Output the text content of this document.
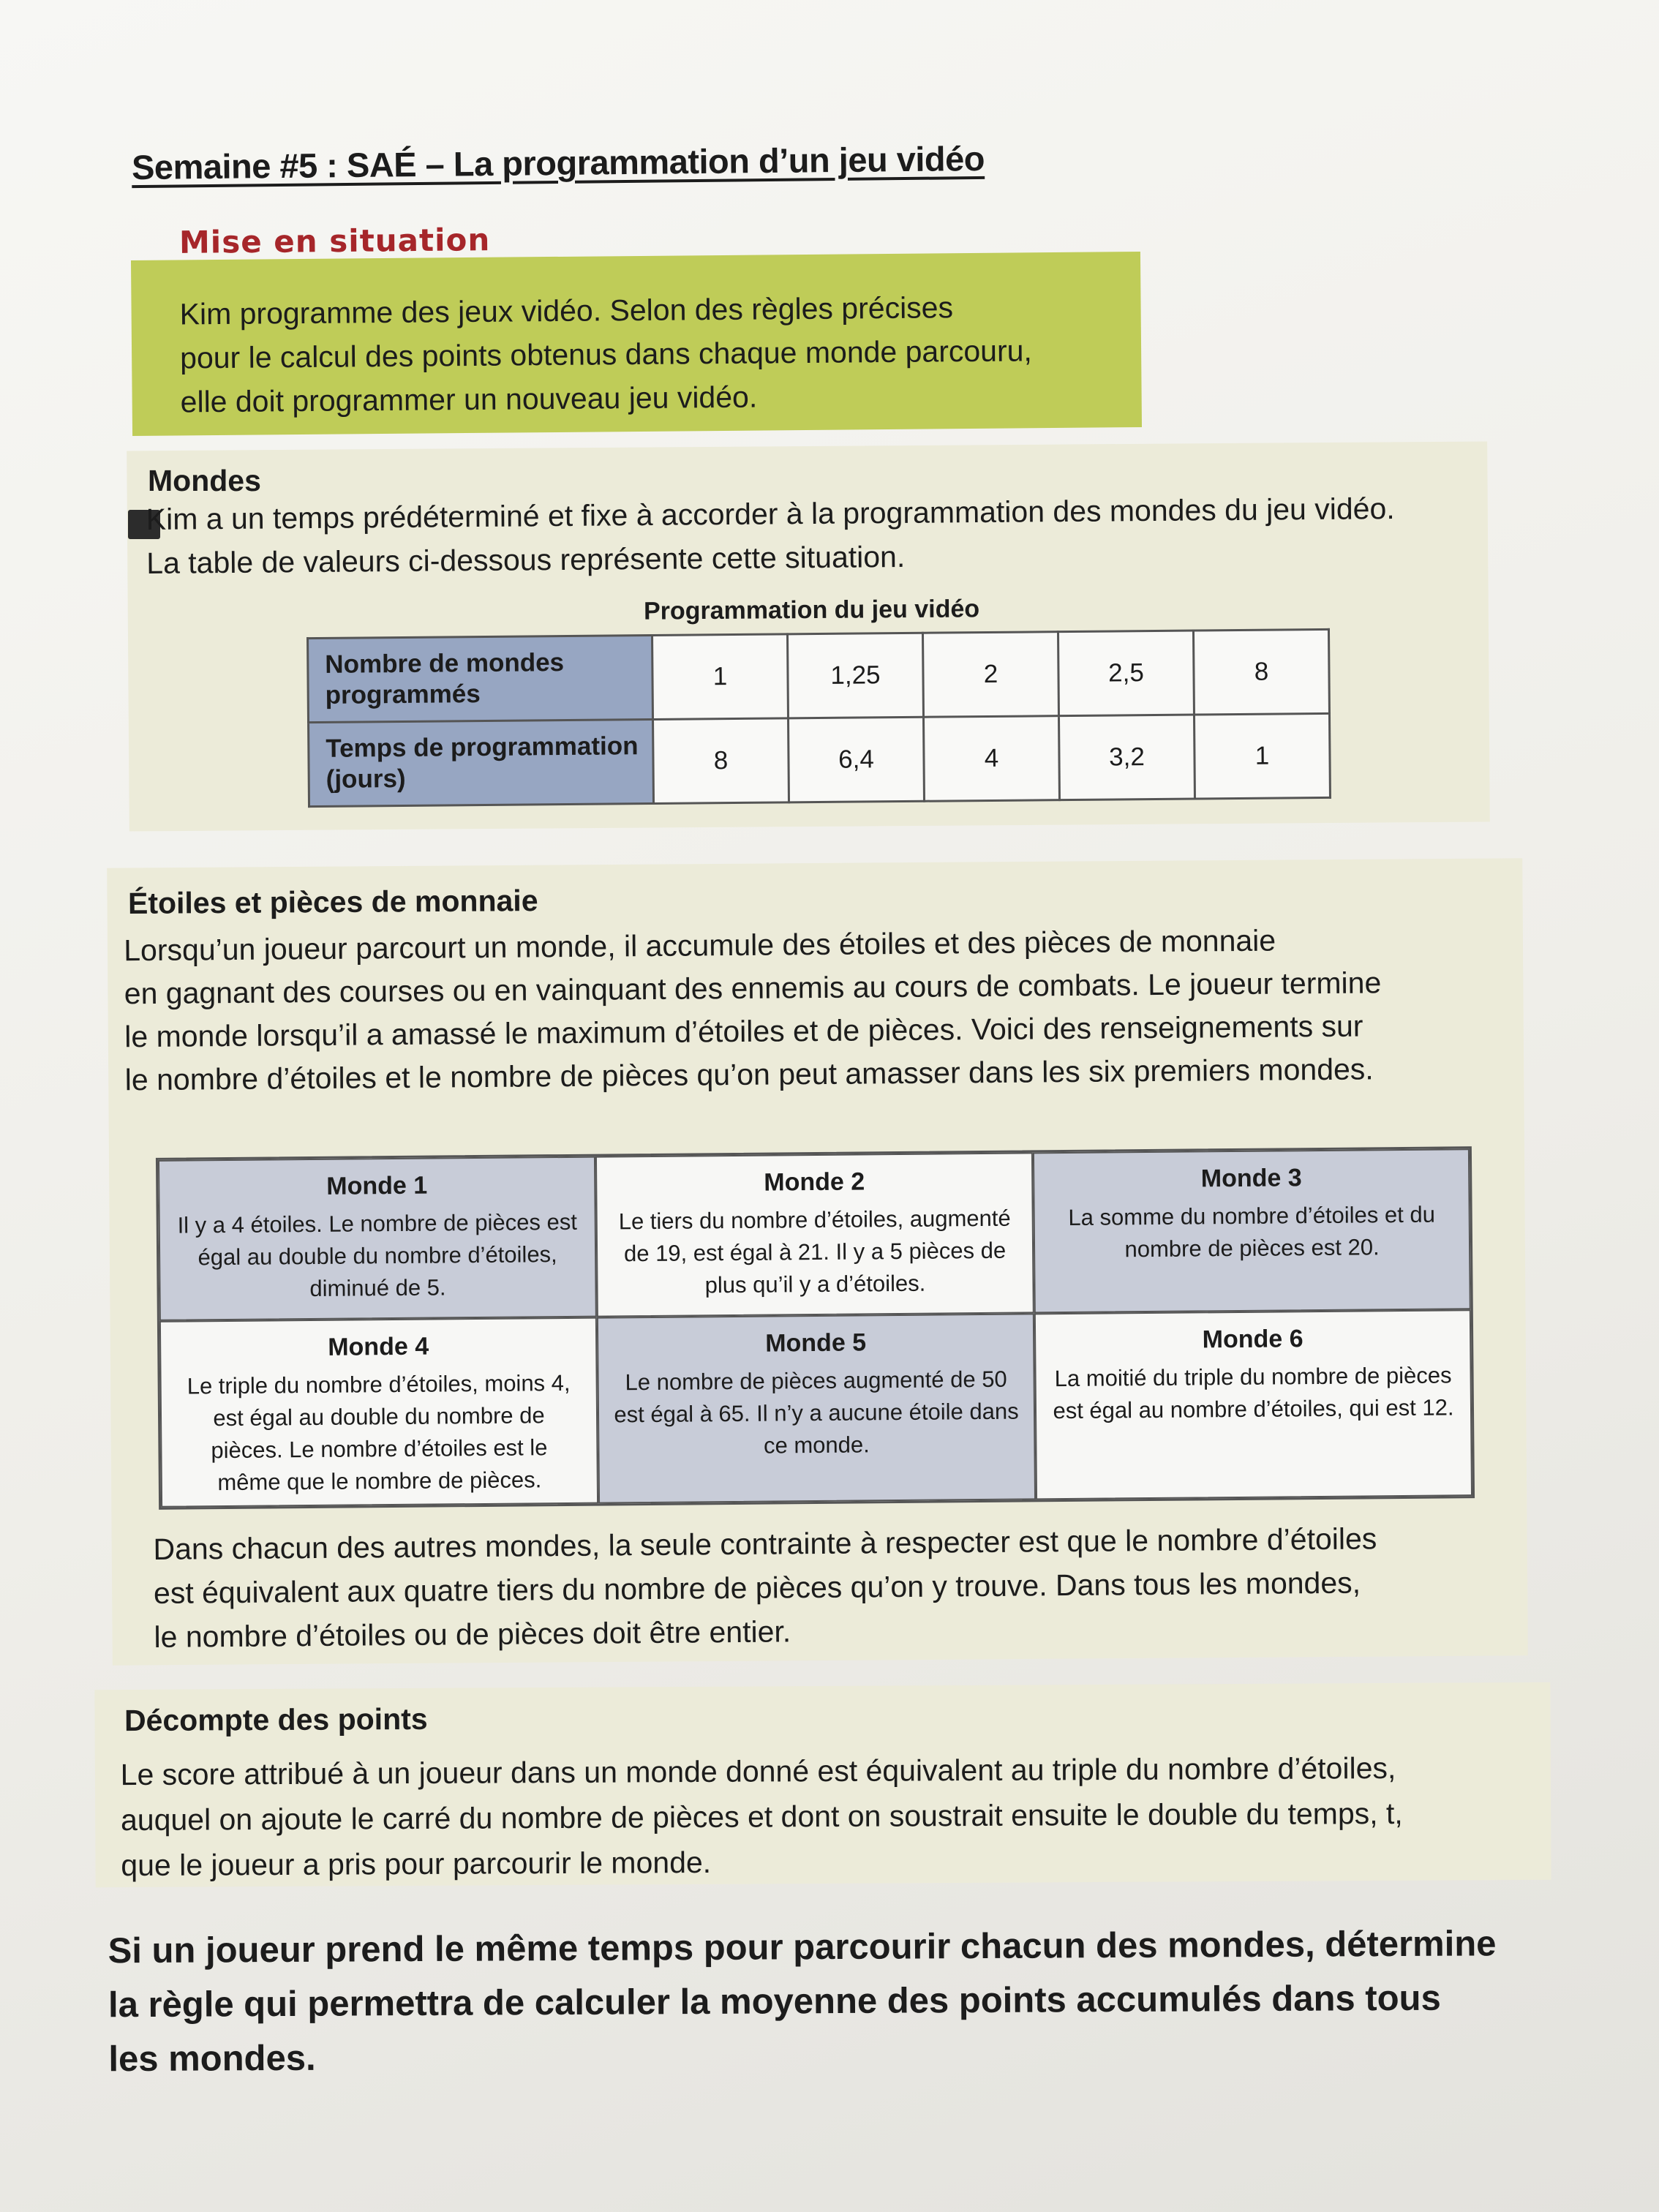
Semaine #5 : SAÉ – La programmation d’un jeu vidéo
Mise en situation
Kim programme des jeux vidéo. Selon des règles précises
pour le calcul des points obtenus dans chaque monde parcouru,
elle doit programmer un nouveau jeu vidéo.
Mondes
Kim a un temps prédéterminé et fixe à accorder à la programmation des mondes du jeu vidéo.
La table de valeurs ci-dessous représente cette situation.
Programmation du jeu vidéo
Nombre de mondes programmés	1	1,25	2	2,5	8
Temps de programmation (jours)	8	6,4	4	3,2	1
Étoiles et pièces de monnaie
Lorsqu’un joueur parcourt un monde, il accumule des étoiles et des pièces de monnaie
en gagnant des courses ou en vainquant des ennemis au cours de combats. Le joueur termine
le monde lorsqu’il a amassé le maximum d’étoiles et de pièces. Voici des renseignements sur
le nombre d’étoiles et le nombre de pièces qu’on peut amasser dans les six premiers mondes.
Monde 1
Il y a 4 étoiles. Le nombre de pièces est égal au double du nombre d’étoiles, diminué de 5.
Monde 2
Le tiers du nombre d’étoiles, augmenté de 19, est égal à 21. Il y a 5 pièces de plus qu’il y a d’étoiles.
Monde 3
La somme du nombre d’étoiles et du nombre de pièces est 20.
Monde 4
Le triple du nombre d’étoiles, moins 4, est égal au double du nombre de pièces. Le nombre d’étoiles est le même que le nombre de pièces.
Monde 5
Le nombre de pièces augmenté de 50 est égal à 65. Il n’y a aucune étoile dans ce monde.
Monde 6
La moitié du triple du nombre de pièces est égal au nombre d’étoiles, qui est 12.
Dans chacun des autres mondes, la seule contrainte à respecter est que le nombre d’étoiles
est équivalent aux quatre tiers du nombre de pièces qu’on y trouve. Dans tous les mondes,
le nombre d’étoiles ou de pièces doit être entier.
Décompte des points
Le score attribué à un joueur dans un monde donné est équivalent au triple du nombre d’étoiles,
auquel on ajoute le carré du nombre de pièces et dont on soustrait ensuite le double du temps, t,
que le joueur a pris pour parcourir le monde.
Si un joueur prend le même temps pour parcourir chacun des mondes, détermine
la règle qui permettra de calculer la moyenne des points accumulés dans tous
les mondes.
